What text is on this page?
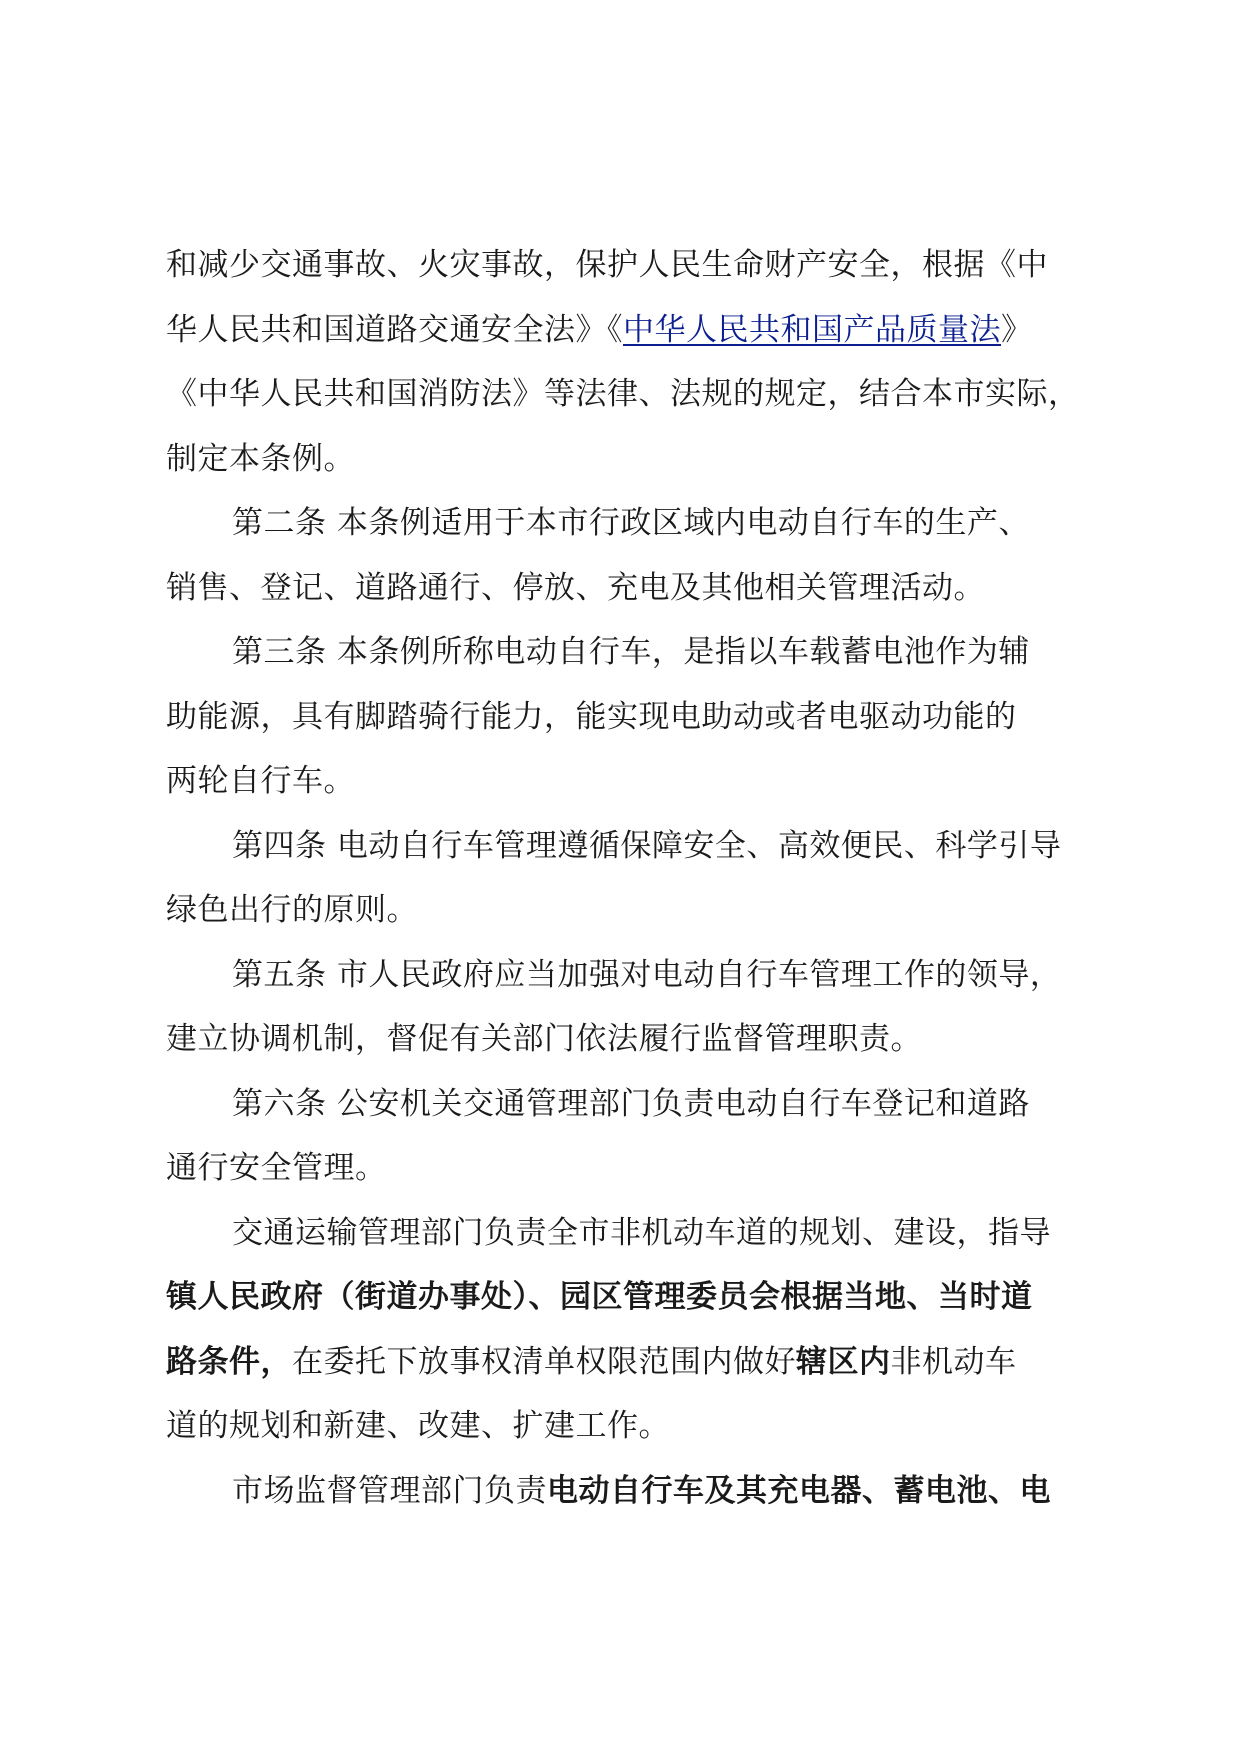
和减少交通事故、火灾事故，保护人民生命财产安全，根据《中
华人民共和国道路交通安全法》《中华人民共和国产品质量法》
《中华人民共和国消防法》等法律、法规的规定，结合本市实际，
制定本条例。
第二条 本条例适用于本市行政区域内电动自行车的生产、
销售、登记、道路通行、停放、充电及其他相关管理活动。
第三条 本条例所称电动自行车，是指以车载蓄电池作为辅
助能源，具有脚踏骑行能力，能实现电助动或者电驱动功能的
两轮自行车。
第四条 电动自行车管理遵循保障安全、高效便民、科学引导
绿色出行的原则。
第五条 市人民政府应当加强对电动自行车管理工作的领导，
建立协调机制，督促有关部门依法履行监督管理职责。
第六条 公安机关交通管理部门负责电动自行车登记和道路
通行安全管理。
交通运输管理部门负责全市非机动车道的规划、建设，指导
镇人民政府（街道办事处）、园区管理委员会根据当地、当时道
路条件，在委托下放事权清单权限范围内做好辖区内非机动车
道的规划和新建、改建、扩建工作。
市场监督管理部门负责电动自行车及其充电器、蓄电池、电
